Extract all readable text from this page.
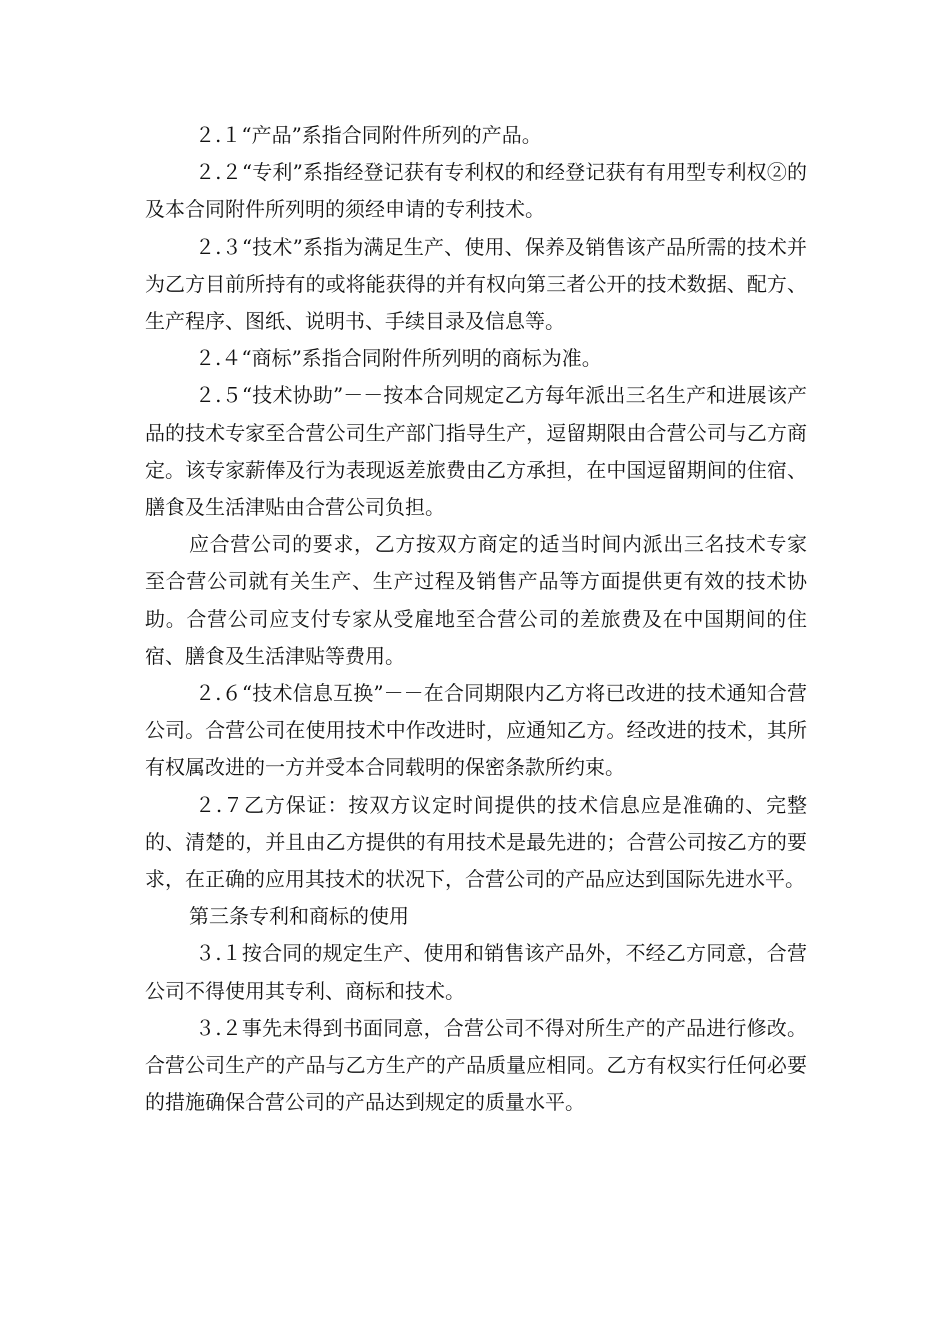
２.１“产品”系指合同附件所列的产品。

２.２“专利”系指经登记获有专利权的和经登记获有有用型专利权②的及本合同附件所列明的须经申请的专利技术。

２.３“技术”系指为满足生产、使用、保养及销售该产品所需的技术并为乙方目前所持有的或将能获得的并有权向第三者公开的技术数据、配方、生产程序、图纸、说明书、手续目录及信息等。

２.４“商标”系指合同附件所列明的商标为准。

２.５“技术协助”－－按本合同规定乙方每年派出三名生产和进展该产品的技术专家至合营公司生产部门指导生产，逗留期限由合营公司与乙方商定。该专家薪俸及行为表现返差旅费由乙方承担，在中国逗留期间的住宿、膳食及生活津贴由合营公司负担。

应合营公司的要求，乙方按双方商定的适当时间内派出三名技术专家至合营公司就有关生产、生产过程及销售产品等方面提供更有效的技术协助。合营公司应支付专家从受雇地至合营公司的差旅费及在中国期间的住宿、膳食及生活津贴等费用。

２.６“技术信息互换”－－在合同期限内乙方将已改进的技术通知合营公司。合营公司在使用技术中作改进时，应通知乙方。经改进的技术，其所有权属改进的一方并受本合同载明的保密条款所约束。

２.７乙方保证：按双方议定时间提供的技术信息应是准确的、完整的、清楚的，并且由乙方提供的有用技术是最先进的；合营公司按乙方的要求，在正确的应用其技术的状况下，合营公司的产品应达到国际先进水平。

第三条专利和商标的使用

３.１按合同的规定生产、使用和销售该产品外，不经乙方同意，合营公司不得使用其专利、商标和技术。

３.２事先未得到书面同意，合营公司不得对所生产的产品进行修改。合营公司生产的产品与乙方生产的产品质量应相同。乙方有权实行任何必要的措施确保合营公司的产品达到规定的质量水平。
